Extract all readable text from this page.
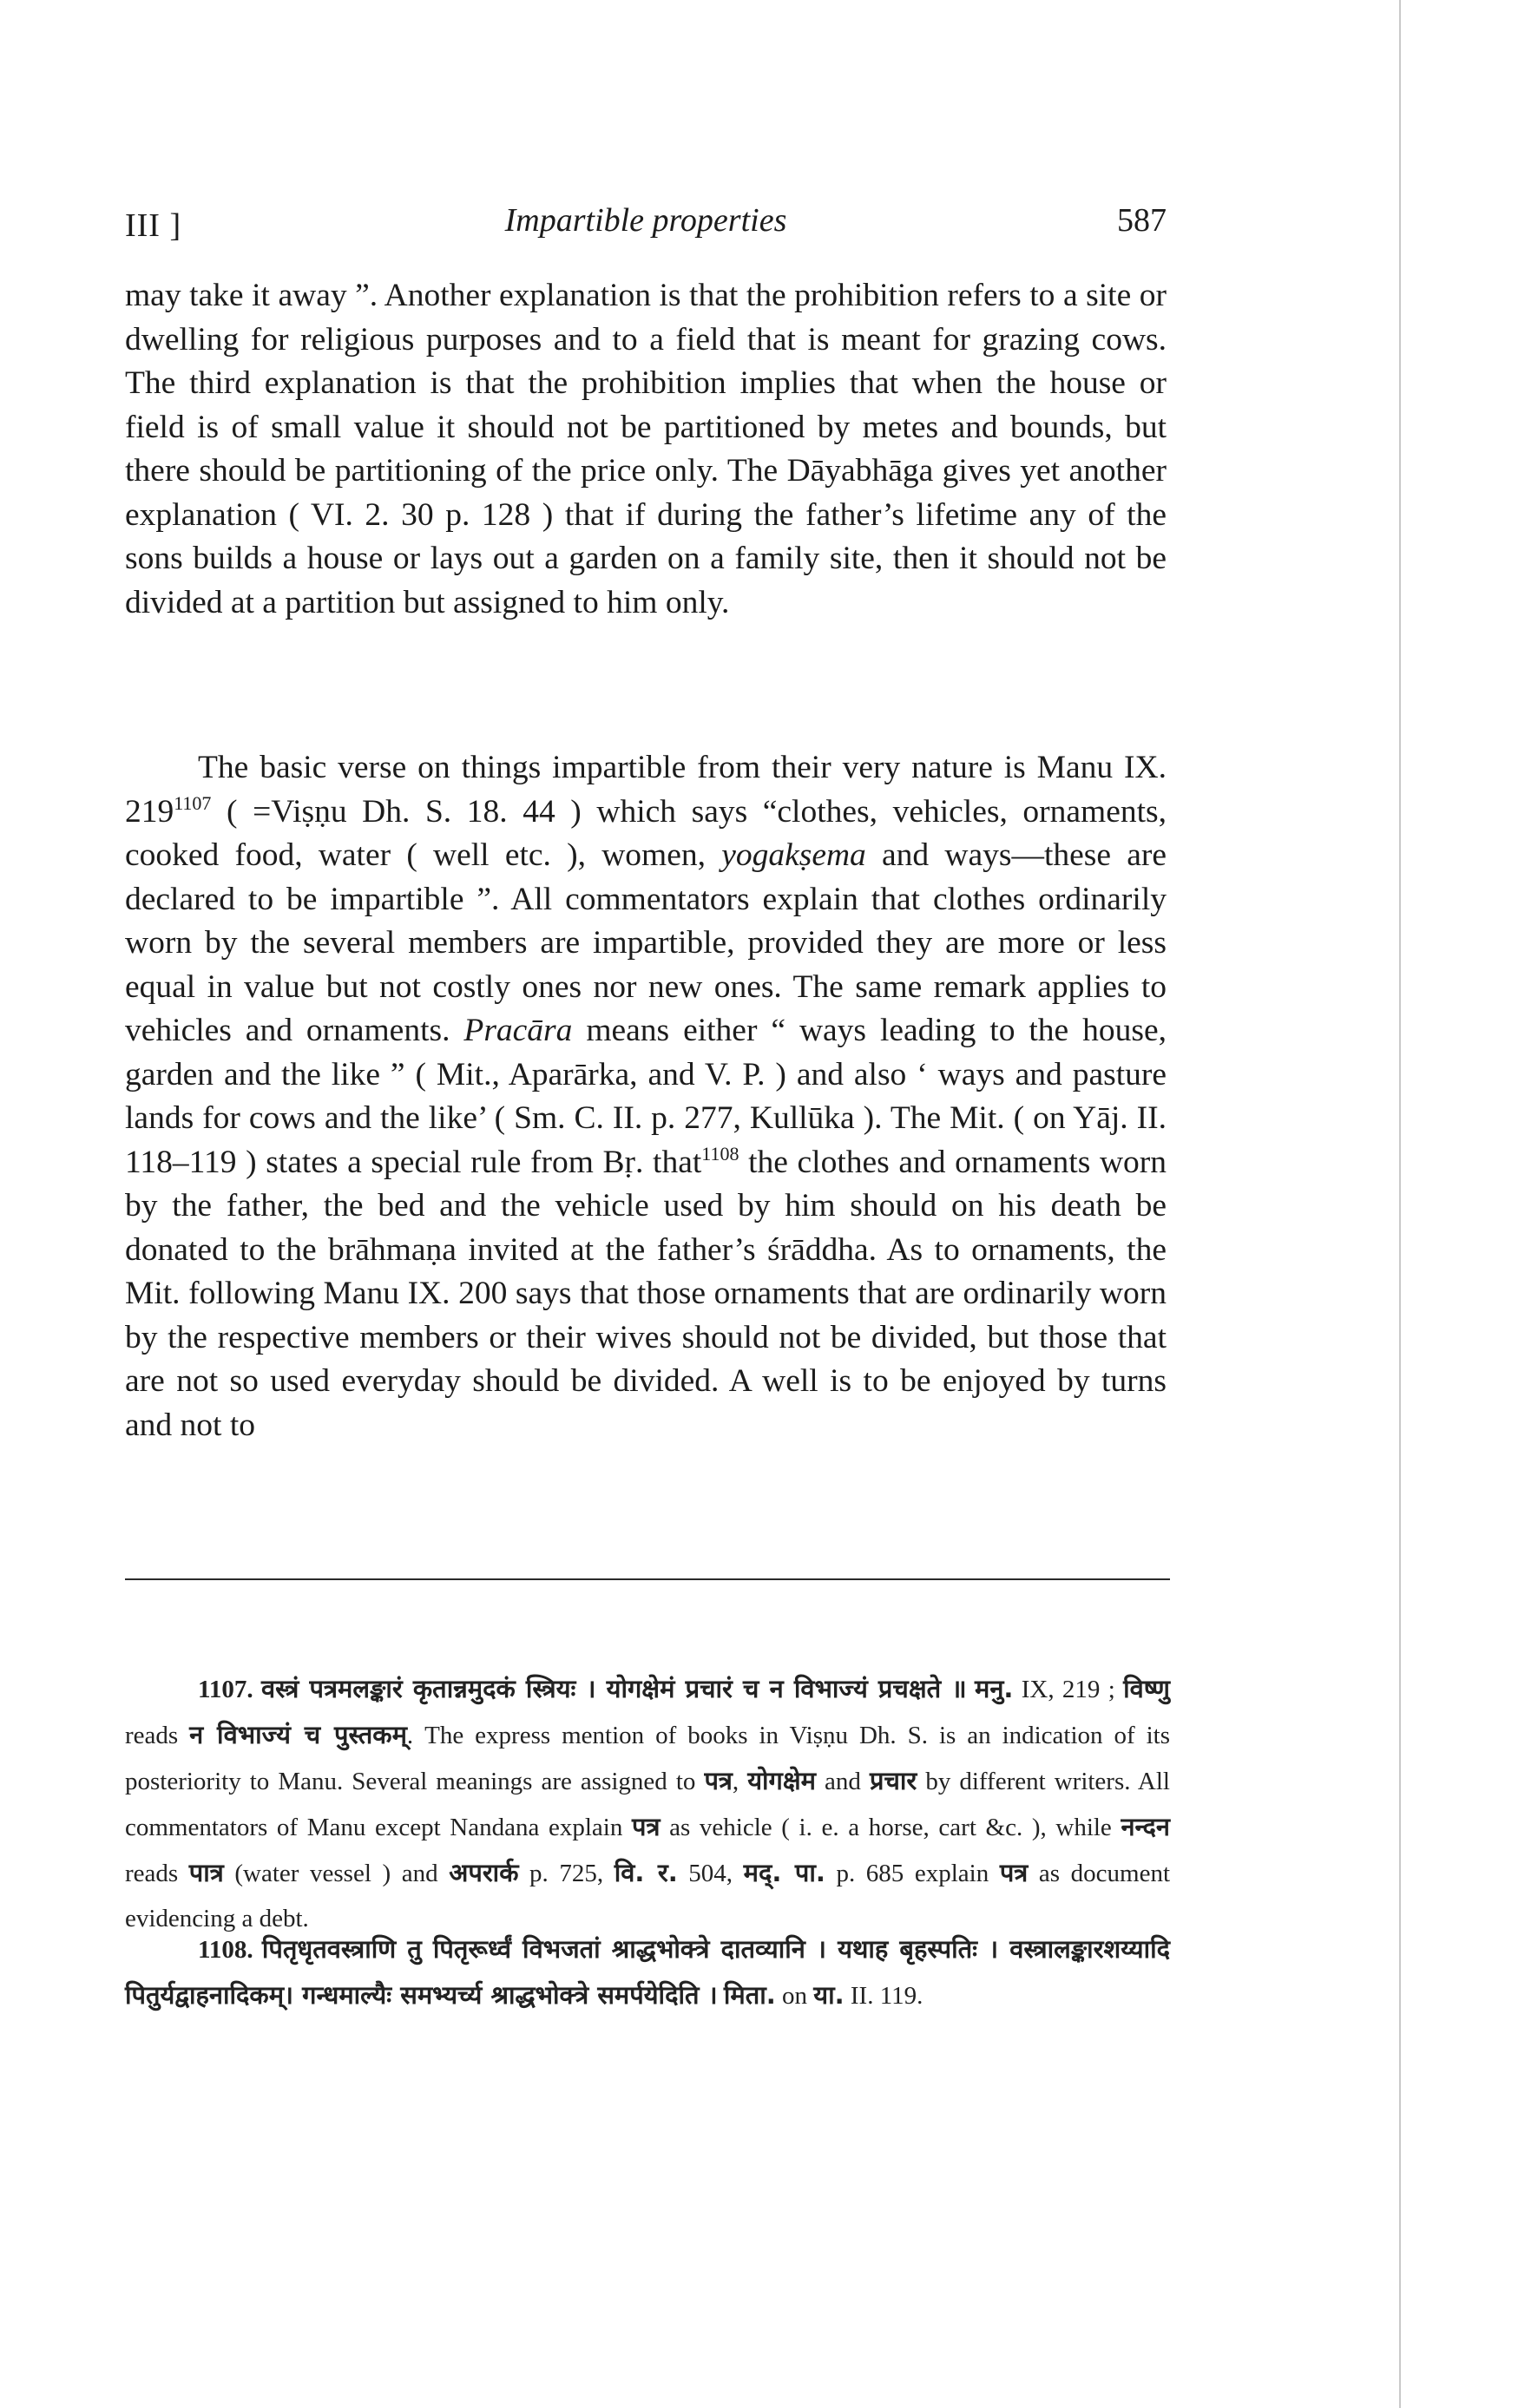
III ]	Impartible properties	587

may take it away ”. Another explanation is that the prohibition refers to a site or dwelling for religious purposes and to a field that is meant for grazing cows. The third explanation is that the prohibition implies that when the house or field is of small value it should not be partitioned by metes and bounds, but there should be partitioning of the price only. The Dāyabhāga gives yet another explanation ( VI. 2. 30 p. 128 ) that if during the father’s lifetime any of the sons builds a house or lays out a garden on a family site, then it should not be divided at a partition but assigned to him only.

The basic verse on things impartible from their very nature is Manu IX. $219^{1107}$ ( =Viṣṇu Dh. S. 18. 44 ) which says “clothes, vehicles, ornaments, cooked food, water ( well etc. ), women, yogakṣema and ways—these are declared to be impartible ”. All commentators explain that clothes ordinarily worn by the several members are impartible, provided they are more or less equal in value but not costly ones nor new ones. The same remark applies to vehicles and ornaments. Pracāra means either “ ways leading to the house, garden and the like ” ( Mit., Aparārka, and V. P. ) and also ‘ ways and pasture lands for cows and the like’ ( Sm. C. II. p. 277, Kullūka ). The Mit. ( on Yāj. II. 118–119 ) states a special rule from Bṛ. that$^{1108}$ the clothes and ornaments worn by the father, the bed and the vehicle used by him should on his death be donated to the brāhmaṇa invited at the father’s śrāddha. As to ornaments, the Mit. following Manu IX. 200 says that those ornaments that are ordinarily worn by the respective members or their wives should not be divided, but those that are not so used everyday should be divided. A well is to be enjoyed by turns and not to

1107. वस्त्रं पत्रमलङ्कारं कृतान्नमुदकं स्त्रियः । योगक्षेमं प्रचारं च न विभाज्यं प्रचक्षते ॥ मनु. IX, 219 ; विष्णु reads न विभाज्यं च पुस्तकम्. The express mention of books in Viṣṇu Dh. S. is an indication of its posteriority to Manu. Several meanings are assigned to पत्र, योगक्षेम and प्रचार by different writers. All commentators of Manu except Nandana explain पत्र as vehicle ( i. e. a horse, cart &c. ), while नन्दन reads पात्र (water vessel ) and अपरार्क p. 725, वि. र. 504, मद्. पा. p. 685 explain पत्र as document evidencing a debt.

1108. पितृधृतवस्त्राणि तु पितृरूर्ध्वं विभजतां श्राद्धभोक्त्रे दातव्यानि । यथाह बृहस्पतिः । वस्त्रालङ्कारशय्यादि पितुर्यद्वाहनादिकम्। गन्धमाल्यैः समभ्यर्च्य श्राद्धभोक्त्रे समर्पयेदिति । मिता. on या. II. 119.
